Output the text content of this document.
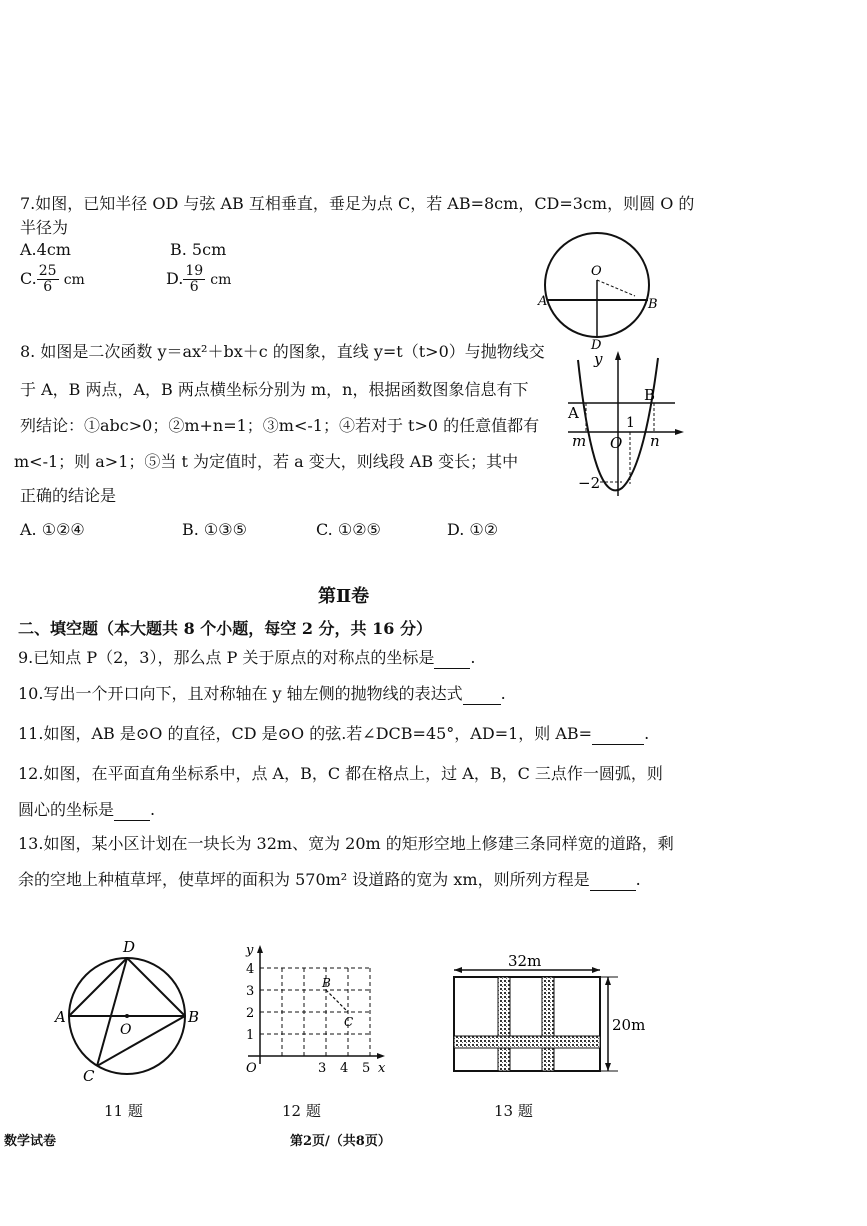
7.如图，已知半径 OD 与弦 AB 互相垂直，垂足为点 C，若 AB=8cm，CD=3cm，则圆 O 的
半径为
A.4cm	B. 5cm
C. $\frac{25}{6}$ cm	D. $\frac{19}{6}$ cm
O
A	B
D
8. 如图是二次函数 y＝ax²＋bx＋c 的图象，直线 y=t（t>0）与抛物线交
于 A，B 两点，A，B 两点横坐标分别为 m，n，根据函数图象信息有下
列结论：①abc>0；②m+n=1；③m<-1；④若对于 t>0 的任意值都有
m<-1；则 a>1；⑤当 t 为定值时，若 a 变大，则线段 AB 变长；其中
正确的结论是
A. ①②④	B. ①③⑤	C. ①②⑤	D. ①②
y
A
B
m	n
O
1
−2
第Ⅱ卷
二、填空题（本大题共 8 个小题，每空 2 分，共 16 分）
9.已知点 P（2，3），那么点 P 关于原点的对称点的坐标是 .
10.写出一个开口向下，且对称轴在 y 轴左侧的抛物线的表达式 .
11.如图，AB 是⊙O 的直径，CD 是⊙O 的弦.若∠DCB=45°，AD=1，则 AB=	.
12.如图，在平面直角坐标系中，点 A，B，C 都在格点上，过 A，B，C 三点作一圆弧，则
圆心的坐标是 .
13.如图，某小区计划在一块长为 32m、宽为 20m 的矩形空地上修建三条同样宽的道路，剩
余的空地上种植草坪，使草坪的面积为 570m² 设道路的宽为 xm，则所列方程是	.
D
A
O
B
C
11 题
y
4
3
2
1
O	3 4 5 x
B
C
12 题
32m
20m
13 题
数学试卷	第2页/（共8页）
